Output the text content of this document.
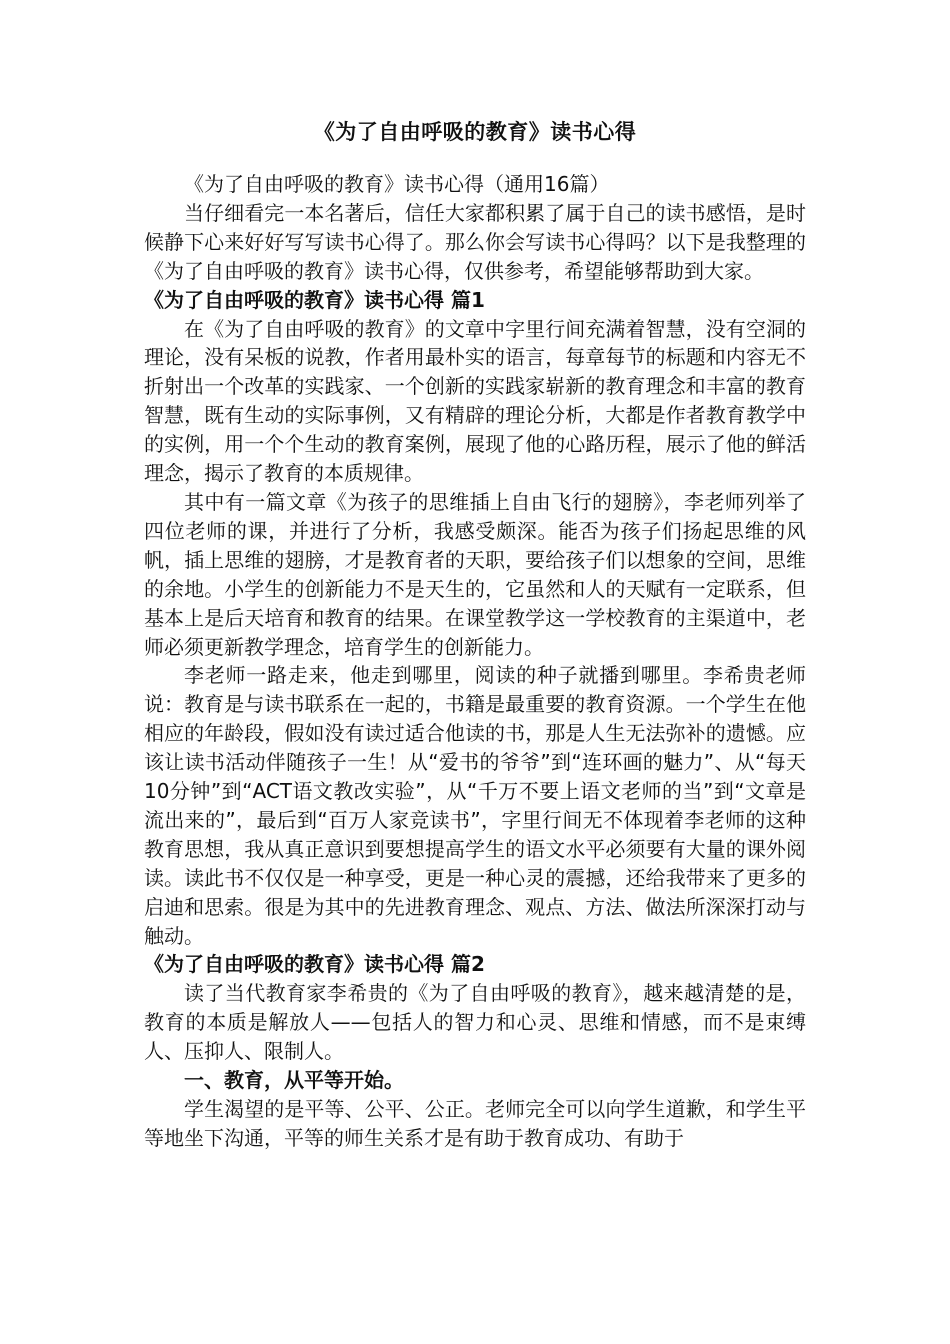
《为了自由呼吸的教育》读书心得

《为了自由呼吸的教育》读书心得（通用16篇）

当仔细看完一本名著后，信任大家都积累了属于自己的读书感悟，是时候静下心来好好写写读书心得了。那么你会写读书心得吗？以下是我整理的《为了自由呼吸的教育》读书心得，仅供参考，希望能够帮助到大家。

《为了自由呼吸的教育》读书心得 篇1

在《为了自由呼吸的教育》的文章中字里行间充满着智慧，没有空洞的理论，没有呆板的说教，作者用最朴实的语言，每章每节的标题和内容无不折射出一个改革的实践家、一个创新的实践家崭新的教育理念和丰富的教育智慧，既有生动的实际事例，又有精辟的理论分析，大都是作者教育教学中的实例，用一个个生动的教育案例，展现了他的心路历程，展示了他的鲜活理念，揭示了教育的本质规律。

其中有一篇文章《为孩子的思维插上自由飞行的翅膀》，李老师列举了四位老师的课，并进行了分析，我感受颇深。能否为孩子们扬起思维的风帆，插上思维的翅膀，才是教育者的天职，要给孩子们以想象的空间，思维的余地。小学生的创新能力不是天生的，它虽然和人的天赋有一定联系，但基本上是后天培育和教育的结果。在课堂教学这一学校教育的主渠道中，老师必须更新教学理念，培育学生的创新能力。

李老师一路走来，他走到哪里，阅读的种子就播到哪里。李希贵老师说：教育是与读书联系在一起的，书籍是最重要的教育资源。一个学生在他相应的年龄段，假如没有读过适合他读的书，那是人生无法弥补的遗憾。应该让读书活动伴随孩子一生！从“爱书的爷爷”到“连环画的魅力”、从“每天10分钟”到“ACT语文教改实验”，从“千万不要上语文老师的当”到“文章是流出来的”，最后到“百万人家竞读书”，字里行间无不体现着李老师的这种教育思想，我从真正意识到要想提高学生的语文水平必须要有大量的课外阅读。读此书不仅仅是一种享受，更是一种心灵的震撼，还给我带来了更多的启迪和思索。很是为其中的先进教育理念、观点、方法、做法所深深打动与触动。

《为了自由呼吸的教育》读书心得 篇2

读了当代教育家李希贵的《为了自由呼吸的教育》，越来越清楚的是，教育的本质是解放人——包括人的智力和心灵、思维和情感，而不是束缚人、压抑人、限制人。

一、教育，从平等开始。

学生渴望的是平等、公平、公正。老师完全可以向学生道歉，和学生平等地坐下沟通，平等的师生关系才是有助于教育成功、有助于
